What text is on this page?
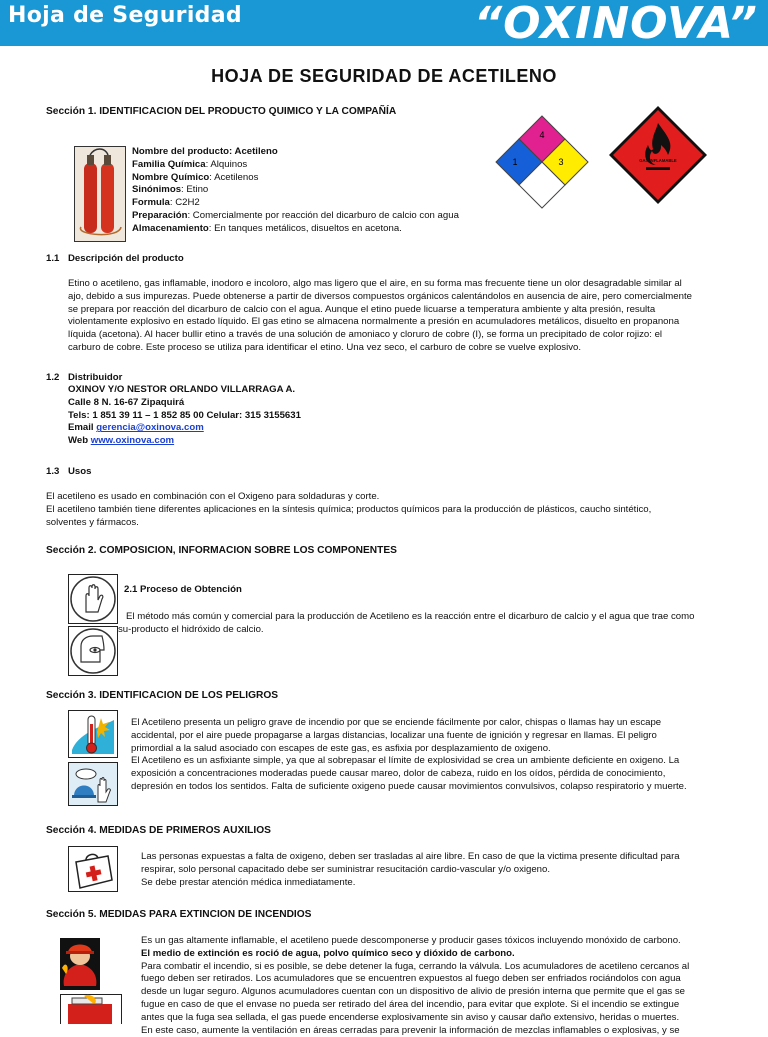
Hoja de Seguridad	“OXINOVA”
HOJA DE SEGURIDAD DE ACETILENO
Sección 1. IDENTIFICACION DEL PRODUCTO QUIMICO Y LA COMPAÑÍA
Nombre del producto: Acetileno
Familia Química: Alquinos
Nombre Químico: Acetilenos
Sinónimos: Etino
Formula: C2H2
Preparación: Comercialmente por reacción del dicarburo de calcio con agua
Almacenamiento: En tanques metálicos, disueltos en acetona.
4
1	3	GAS INFLAMABLE
1.1 Descripción del producto
Etino o acetileno, gas inflamable, inodoro e incoloro, algo mas ligero que el aire, en su forma mas frecuente tiene un olor desagradable similar al
ajo, debido a sus impurezas. Puede obtenerse a partir de diversos compuestos orgánicos calentándolos en ausencia de aire, pero comercialmente
se prepara por reacción del dicarburo de calcio con el agua. Aunque el etino puede licuarse a temperatura ambiente y alta presión, resulta
violentamente explosivo en estado líquido. El gas etino se almacena normalmente a presión en acumuladores metálicos, disuelto en propanona
líquida (acetona). Al hacer bullir etino a través de una solución de amoniaco y cloruro de cobre (I), se forma un precipitado de color rojizo: el
carburo de cobre. Este proceso se utiliza para identificar el etino. Una vez seco, el carburo de cobre se vuelve explosivo.
1.2 Distribuidor
OXINOV Y/O NESTOR ORLANDO VILLARRAGA A.
Calle 8 N. 16-67 Zipaquirá
Tels: 1 851 39 11 – 1 852 85 00 Celular: 315 3155631
Email gerencia@oxinova.com
Web www.oxinova.com
1.3 Usos
El acetileno es usado en combinación con el Oxigeno para soldaduras y corte.
El acetileno también tiene diferentes aplicaciones en la síntesis química; productos químicos para la producción de plásticos, caucho sintético,
solventes y fármacos.
Sección 2. COMPOSICION, INFORMACION SOBRE LOS COMPONENTES
2.1 Proceso de Obtención
El método más común y comercial para la producción de Acetileno es la reacción entre el dicarburo de calcio y el agua que trae como
su-producto el hidróxido de calcio.
Sección 3. IDENTIFICACION DE LOS PELIGROS
El Acetileno presenta un peligro grave de incendio por que se enciende fácilmente por calor, chispas o llamas hay un escape
accidental, por el aire puede propagarse a largas distancias, localizar una fuente de ignición y regresar en llamas. El peligro
primordial a la salud asociado con escapes de este gas, es asfixia por desplazamiento de oxigeno.
El Acetileno es un asfixiante simple, ya que al sobrepasar el límite de explosividad se crea un ambiente deficiente en oxigeno. La
exposición a concentraciones moderadas puede causar mareo, dolor de cabeza, ruido en los oídos, pérdida de conocimiento,
depresión en todos los sentidos. Falta de suficiente oxigeno puede causar movimientos convulsivos, colapso respiratorio y muerte.
Sección 4. MEDIDAS DE PRIMEROS AUXILIOS
Las personas expuestas a falta de oxigeno, deben ser trasladas al aire libre. En caso de que la victima presente dificultad para
respirar, solo personal capacitado debe ser suministrar resucitación cardio-vascular y/o oxigeno.
Se debe prestar atención médica inmediatamente.
Sección 5. MEDIDAS PARA EXTINCION DE INCENDIOS
Es un gas altamente inflamable, el acetileno puede descomponerse y producir gases tóxicos incluyendo monóxido de carbono.
El medio de extinción es roció de agua, polvo químico seco y dióxido de carbono.
Para combatir el incendio, si es posible, se debe detener la fuga, cerrando la válvula. Los acumuladores de acetileno cercanos al
fuego deben ser retirados. Los acumuladores que se encuentren expuestos al fuego deben ser enfriados rociándolos con agua
desde un lugar seguro. Algunos acumuladores cuentan con un dispositivo de alivio de presión interna que permite que el gas se
fugue en caso de que el envase no pueda ser retirado del área del incendio, para evitar que explote. Si el incendio se extingue
antes que la fuga sea sellada, el gas puede encenderse explosivamente sin aviso y causar daño extensivo, heridas o muertes.
En este caso, aumente la ventilación en áreas cerradas para prevenir la información de mezclas inflamables o explosivas, y se
